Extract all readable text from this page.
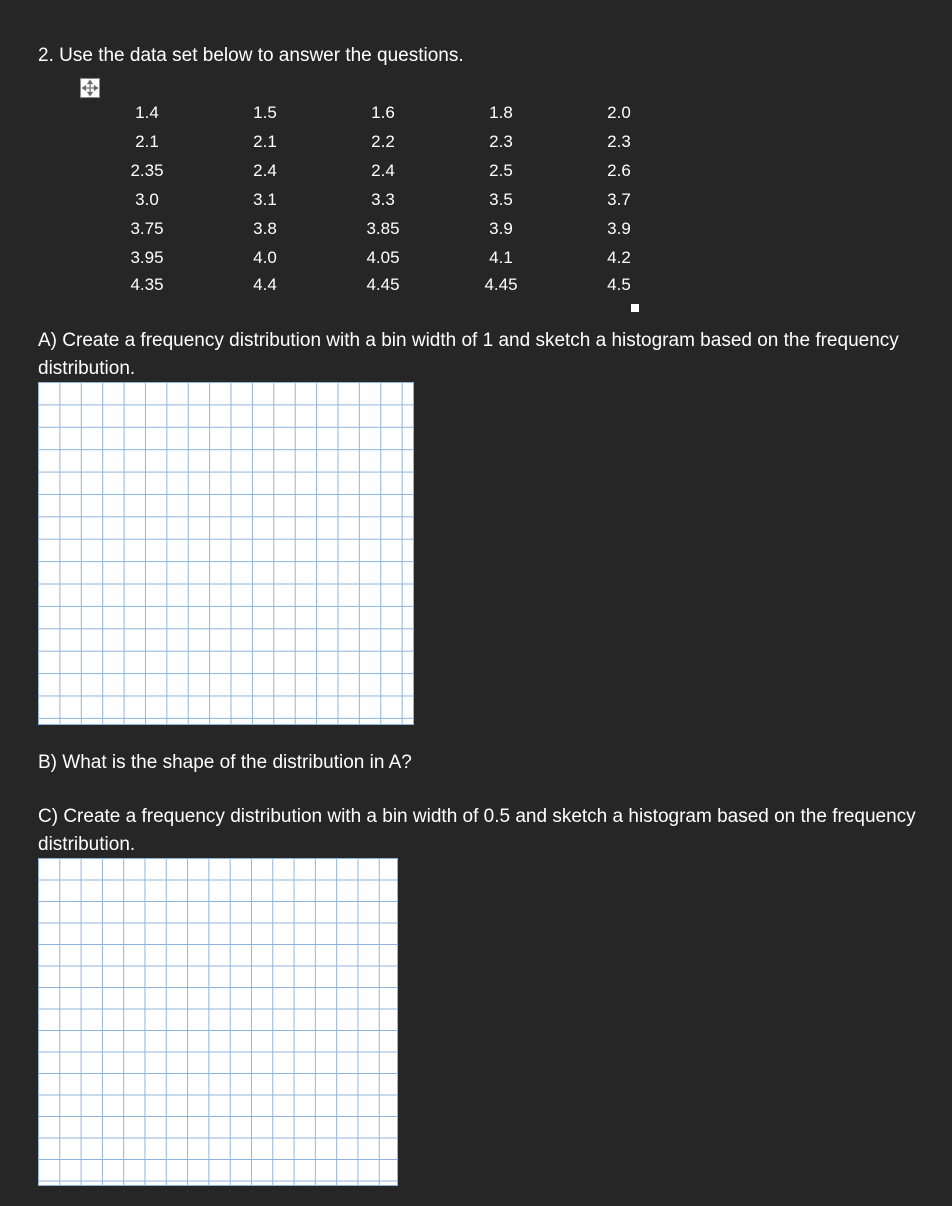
2. Use the data set below to answer the questions.
1.4	1.5	1.6	1.8	2.0
2.1	2.1	2.2	2.3	2.3
2.35	2.4	2.4	2.5	2.6
3.0	3.1	3.3	3.5	3.7
3.75	3.8	3.85	3.9	3.9
3.95	4.0	4.05	4.1	4.2
4.35	4.4	4.45	4.45	4.5

A) Create a frequency distribution with a bin width of 1 and sketch a histogram based on the frequency distribution.

B) What is the shape of the distribution in A?

C) Create a frequency distribution with a bin width of 0.5 and sketch a histogram based on the frequency distribution.
